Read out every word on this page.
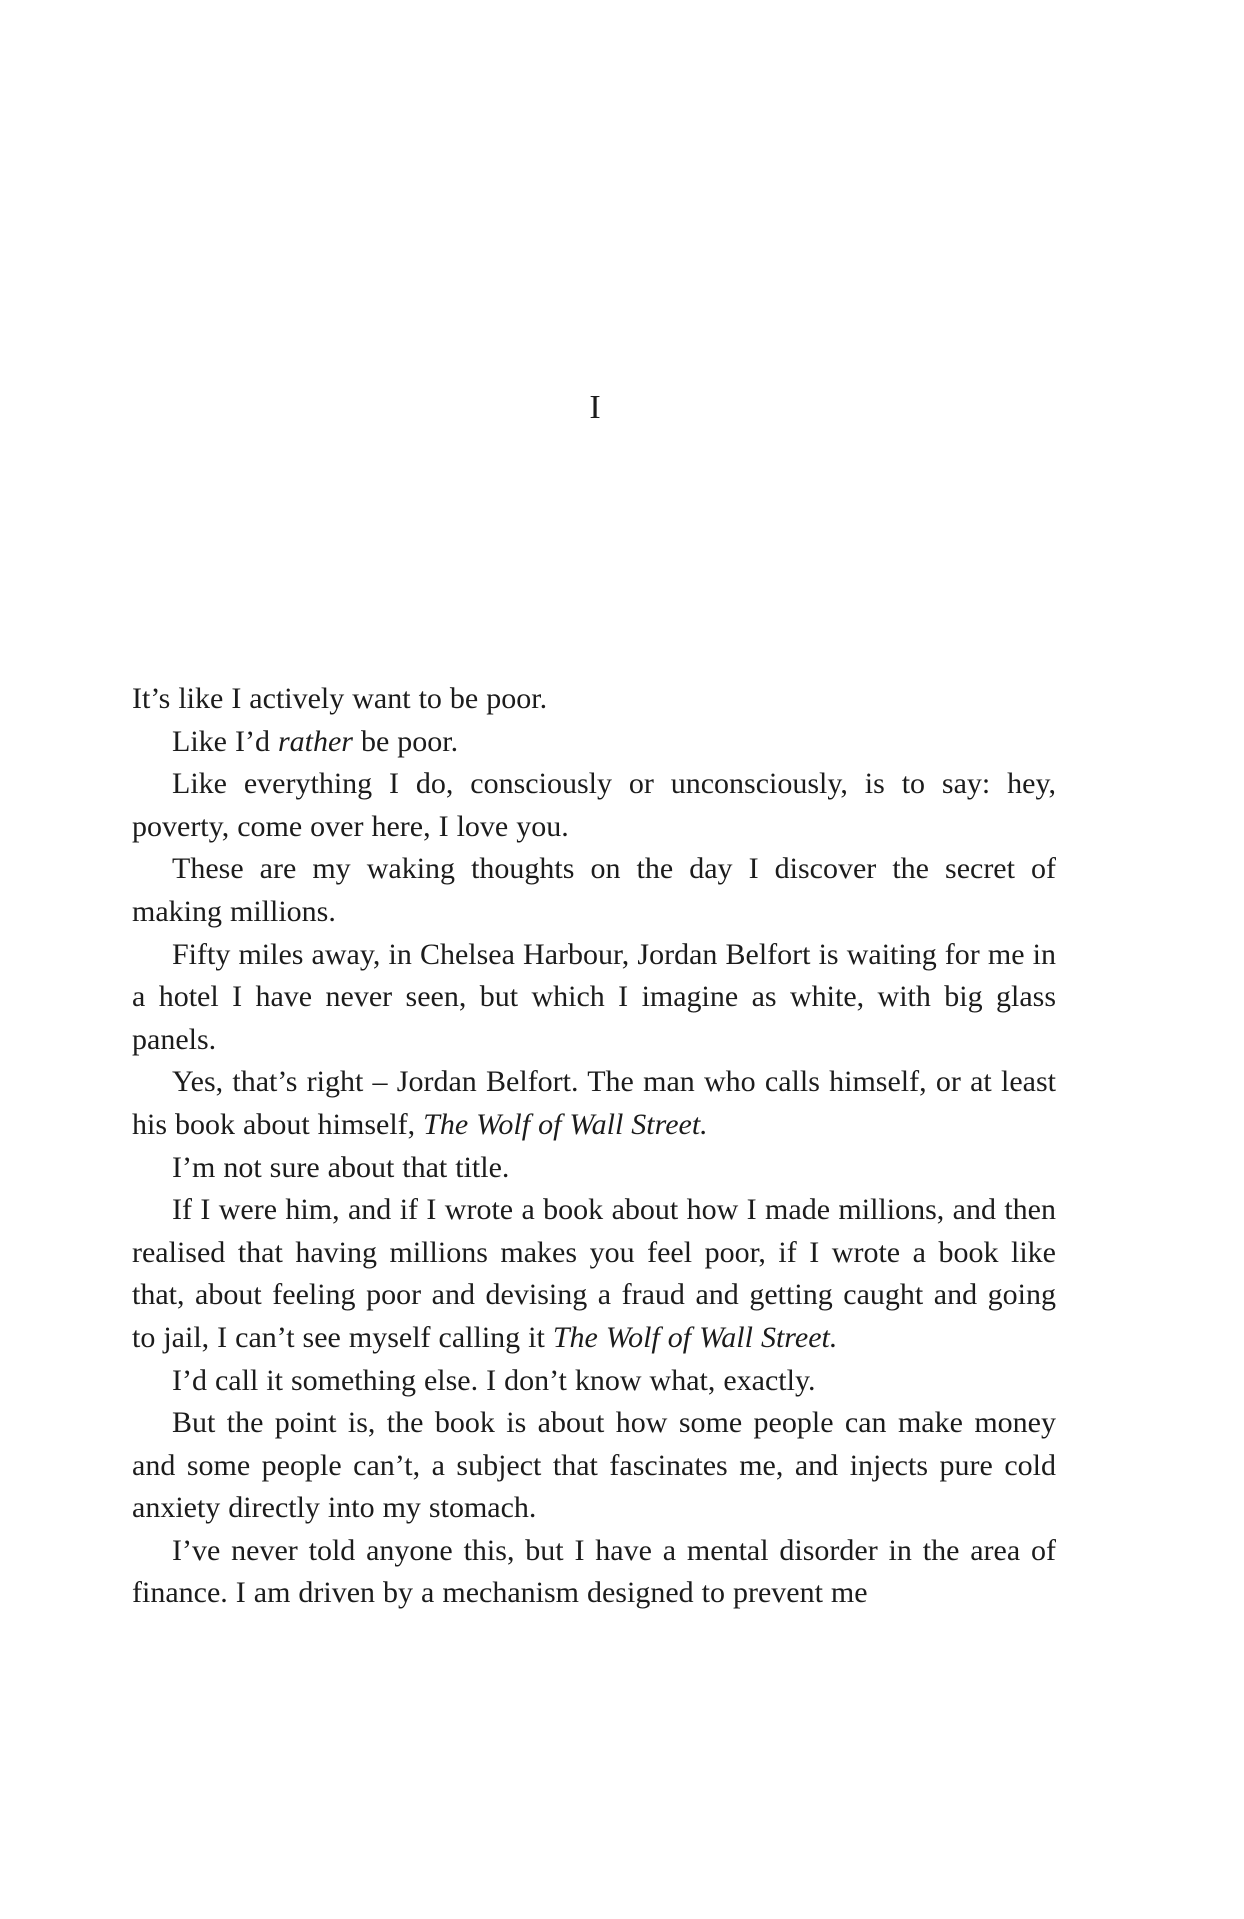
I

It’s like I actively want to be poor.

Like I’d rather be poor.

Like everything I do, consciously or unconsciously, is to say: hey, poverty, come over here, I love you.

These are my waking thoughts on the day I discover the secret of making millions.

Fifty miles away, in Chelsea Harbour, Jordan Belfort is waiting for me in a hotel I have never seen, but which I imagine as white, with big glass panels.

Yes, that’s right – Jordan Belfort. The man who calls himself, or at least his book about himself, The Wolf of Wall Street.

I’m not sure about that title.

If I were him, and if I wrote a book about how I made millions, and then realised that having millions makes you feel poor, if I wrote a book like that, about feeling poor and devising a fraud and getting caught and going to jail, I can’t see myself calling it The Wolf of Wall Street.

I’d call it something else. I don’t know what, exactly.

But the point is, the book is about how some people can make money and some people can’t, a subject that fascinates me, and injects pure cold anxiety directly into my stomach.

I’ve never told anyone this, but I have a mental disorder in the area of finance. I am driven by a mechanism designed to prevent me
